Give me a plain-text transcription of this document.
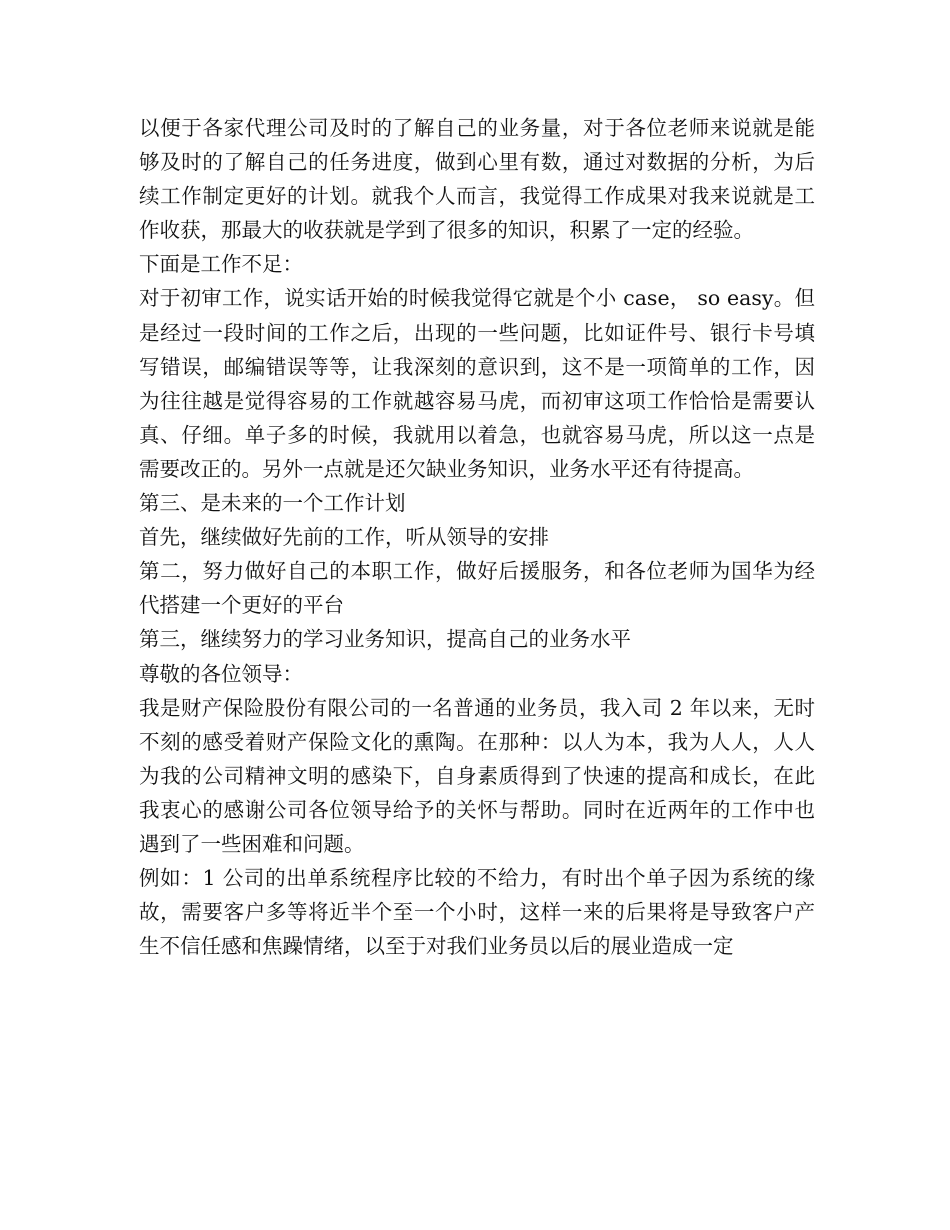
以便于各家代理公司及时的了解自己的业务量，对于各位老师来说就是能够及时的了解自己的任务进度，做到心里有数，通过对数据的分析，为后续工作制定更好的计划。就我个人而言，我觉得工作成果对我来说就是工作收获，那最大的收获就是学到了很多的知识，积累了一定的经验。

下面是工作不足：

对于初审工作，说实话开始的时候我觉得它就是个小 case， so easy。但是经过一段时间的工作之后，出现的一些问题，比如证件号、银行卡号填写错误，邮编错误等等，让我深刻的意识到，这不是一项简单的工作，因为往往越是觉得容易的工作就越容易马虎，而初审这项工作恰恰是需要认真、仔细。单子多的时候，我就用以着急，也就容易马虎，所以这一点是需要改正的。另外一点就是还欠缺业务知识，业务水平还有待提高。

第三、是未来的一个工作计划

首先，继续做好先前的工作，听从领导的安排

第二，努力做好自己的本职工作，做好后援服务，和各位老师为国华为经代搭建一个更好的平台

第三，继续努力的学习业务知识，提高自己的业务水平

尊敬的各位领导：

我是财产保险股份有限公司的一名普通的业务员，我入司 2 年以来，无时不刻的感受着财产保险文化的熏陶。在那种：以人为本，我为人人，人人为我的公司精神文明的感染下，自身素质得到了快速的提高和成长，在此我衷心的感谢公司各位领导给予的关怀与帮助。同时在近两年的工作中也遇到了一些困难和问题。

例如：1 公司的出单系统程序比较的不给力，有时出个单子因为系统的缘故，需要客户多等将近半个至一个小时，这样一来的后果将是导致客户产生不信任感和焦躁情绪，以至于对我们业务员以后的展业造成一定
